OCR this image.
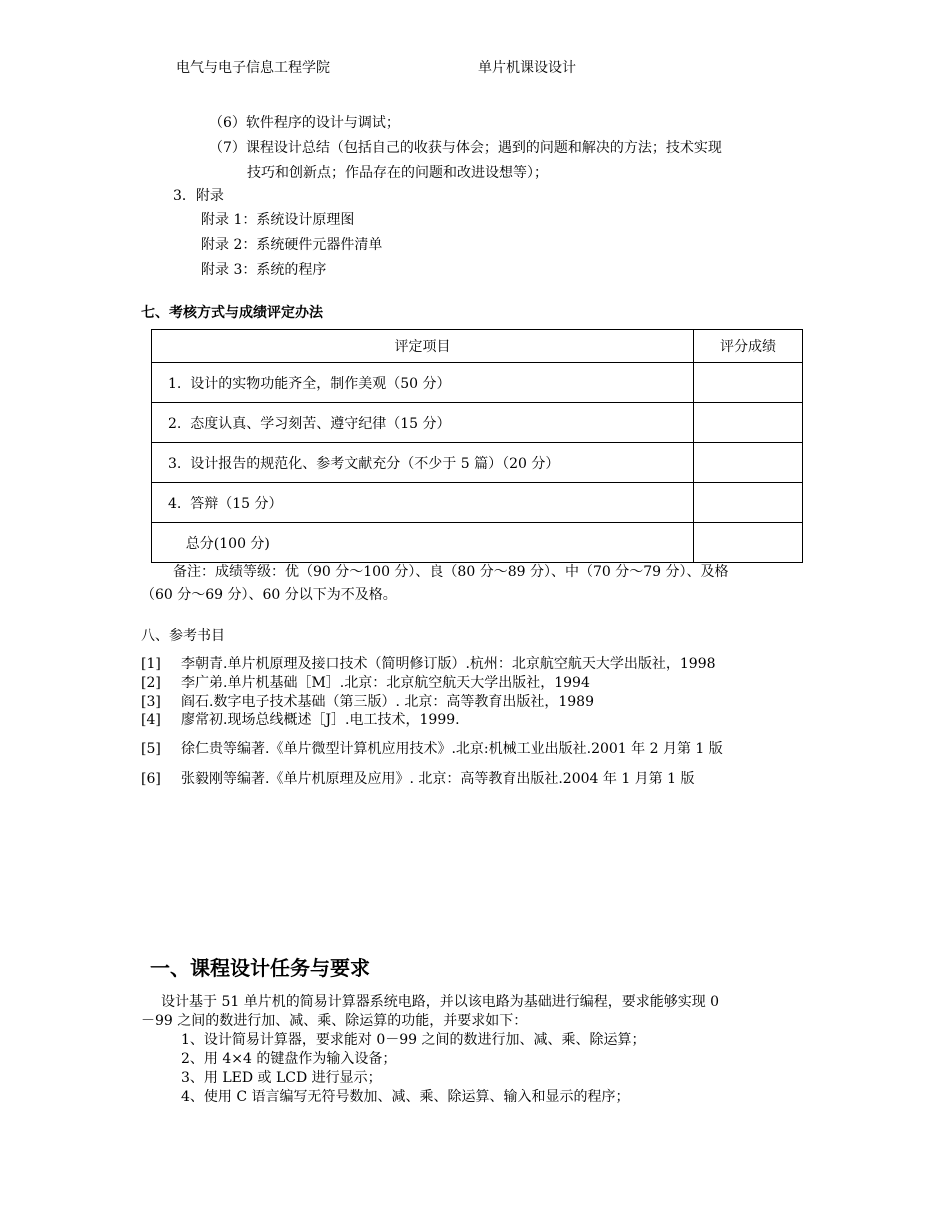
电气与电子信息工程学院	单片机课设设计
（6）软件程序的设计与调试；
（7）课程设计总结（包括自己的收获与体会；遇到的问题和解决的方法；技术实现
技巧和创新点；作品存在的问题和改进设想等）；
3．附录
附录 1：系统设计原理图
附录 2：系统硬件元器件清单
附录 3：系统的程序
七、考核方式与成绩评定办法
评定项目	评分成绩
1.  设计的实物功能齐全，制作美观（50 分）	
2.  态度认真、学习刻苦、遵守纪律（15 分）	
3.  设计报告的规范化、参考文献充分（不少于 5 篇）（20 分）	
4.  答辩（15 分）	
总分(100 分)	
备注：成绩等级：优（90 分～100 分）、良（80 分～89 分）、中（70 分～79 分）、及格
（60 分～69 分）、60 分以下为不及格。
八、参考书目
[1] 李朝青.单片机原理及接口技术（简明修订版）.杭州：北京航空航天大学出版社，1998
[2] 李广弟.单片机基础［M］.北京：北京航空航天大学出版社，1994
[3] 阎石.数字电子技术基础（第三版）. 北京：高等教育出版社，1989
[4] 廖常初.现场总线概述［J］.电工技术，1999.
[5] 徐仁贵等编著.《单片微型计算机应用技术》.北京:机械工业出版社.2001 年 2 月第 1 版
[6] 张毅刚等编著.《单片机原理及应用》. 北京：高等教育出版社.2004 年 1 月第 1 版
一、课程设计任务与要求
设计基于 51 单片机的简易计算器系统电路，并以该电路为基础进行编程，要求能够实现 0
－99 之间的数进行加、减、乘、除运算的功能，并要求如下：
1、设计简易计算器，要求能对 0－99 之间的数进行加、减、乘、除运算；
2、用 4×4 的键盘作为输入设备；
3、用 LED 或 LCD 进行显示；
4、使用 C 语言编写无符号数加、减、乘、除运算、输入和显示的程序；
